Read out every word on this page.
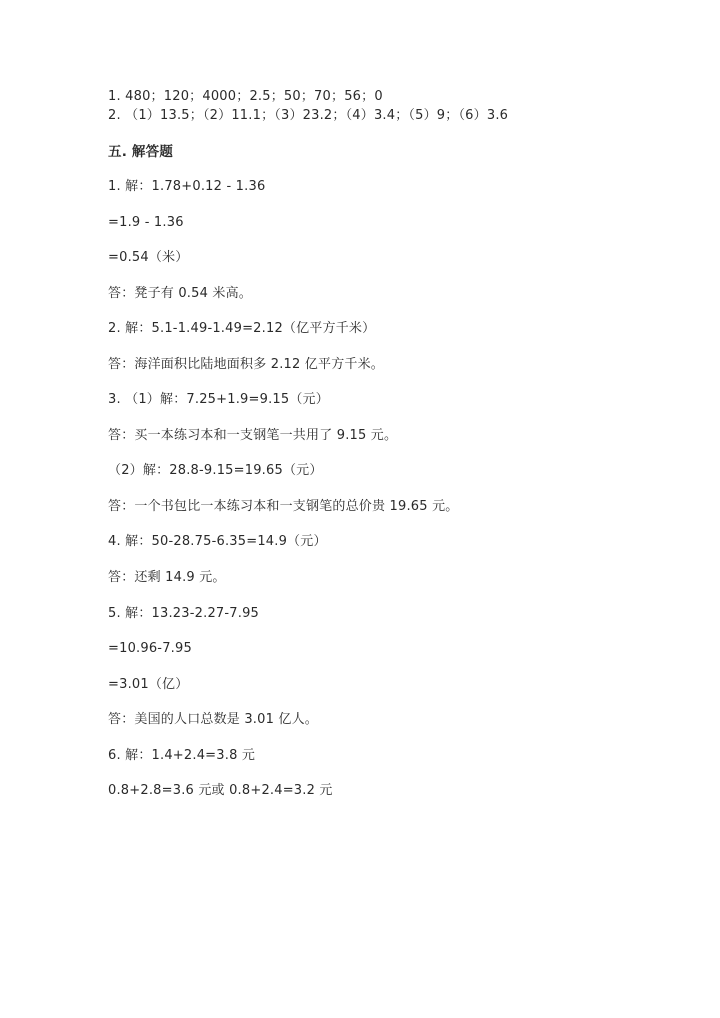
1. 480；120；4000；2.5；50；70；56；0
2. （1）13.5；（2）11.1；（3）23.2；（4）3.4；（5）9；（6）3.6
五. 解答题
1. 解：1.78+0.12 - 1.36
=1.9 - 1.36
=0.54（米）
答：凳子有 0.54 米高。
2. 解：5.1-1.49-1.49=2.12（亿平方千米）
答：海洋面积比陆地面积多 2.12 亿平方千米。
3. （1）解：7.25+1.9=9.15（元）
答：买一本练习本和一支钢笔一共用了 9.15 元。
（2）解：28.8-9.15=19.65（元）
答：一个书包比一本练习本和一支钢笔的总价贵 19.65 元。
4. 解：50-28.75-6.35=14.9（元）
答：还剩 14.9 元。
5. 解：13.23-2.27-7.95
=10.96-7.95
=3.01（亿）
答：美国的人口总数是 3.01 亿人。
6. 解：1.4+2.4=3.8 元
0.8+2.8=3.6 元或 0.8+2.4=3.2 元
